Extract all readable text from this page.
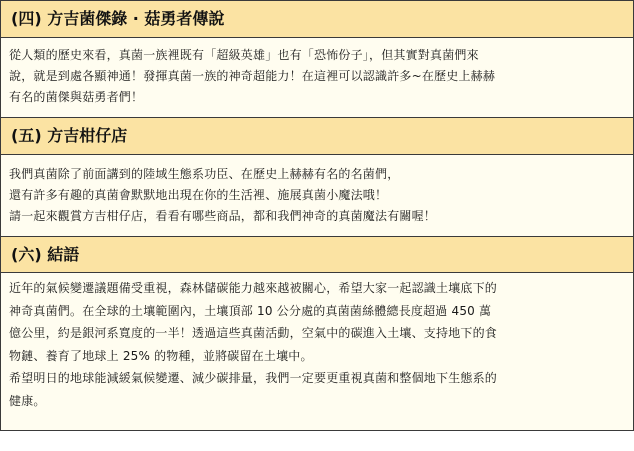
(四) 方吉菌傑錄 · 菇勇者傳說

從人類的歷史來看，真菌一族裡既有「超級英雄」也有「恐怖份子」，但其實對真菌們來

說，就是到處各顯神通！發揮真菌一族的神奇超能力！在這裡可以認識許多~在歷史上赫赫

有名的菌傑與菇勇者們！

(五) 方吉柑仔店

我們真菌除了前面講到的陸域生態系功臣、在歷史上赫赫有名的名菌們，

還有許多有趣的真菌會默默地出現在你的生活裡、施展真菌小魔法哦！

請一起來觀賞方吉柑仔店，看看有哪些商品，都和我們神奇的真菌魔法有關喔！

(六) 結語

近年的氣候變遷議題備受重視，森林儲碳能力越來越被關心，希望大家一起認識土壤底下的

神奇真菌們。在全球的土壤範圍內，土壤頂部 10 公分處的真菌菌絲體總長度超過 450 萬

億公里，約是銀河系寬度的一半！透過這些真菌活動，空氣中的碳進入土壤、支持地下的食

物鏈、養育了地球上 25% 的物種，並將碳留在土壤中。

希望明日的地球能減緩氣候變遷、減少碳排量，我們一定要更重視真菌和整個地下生態系的

健康。
